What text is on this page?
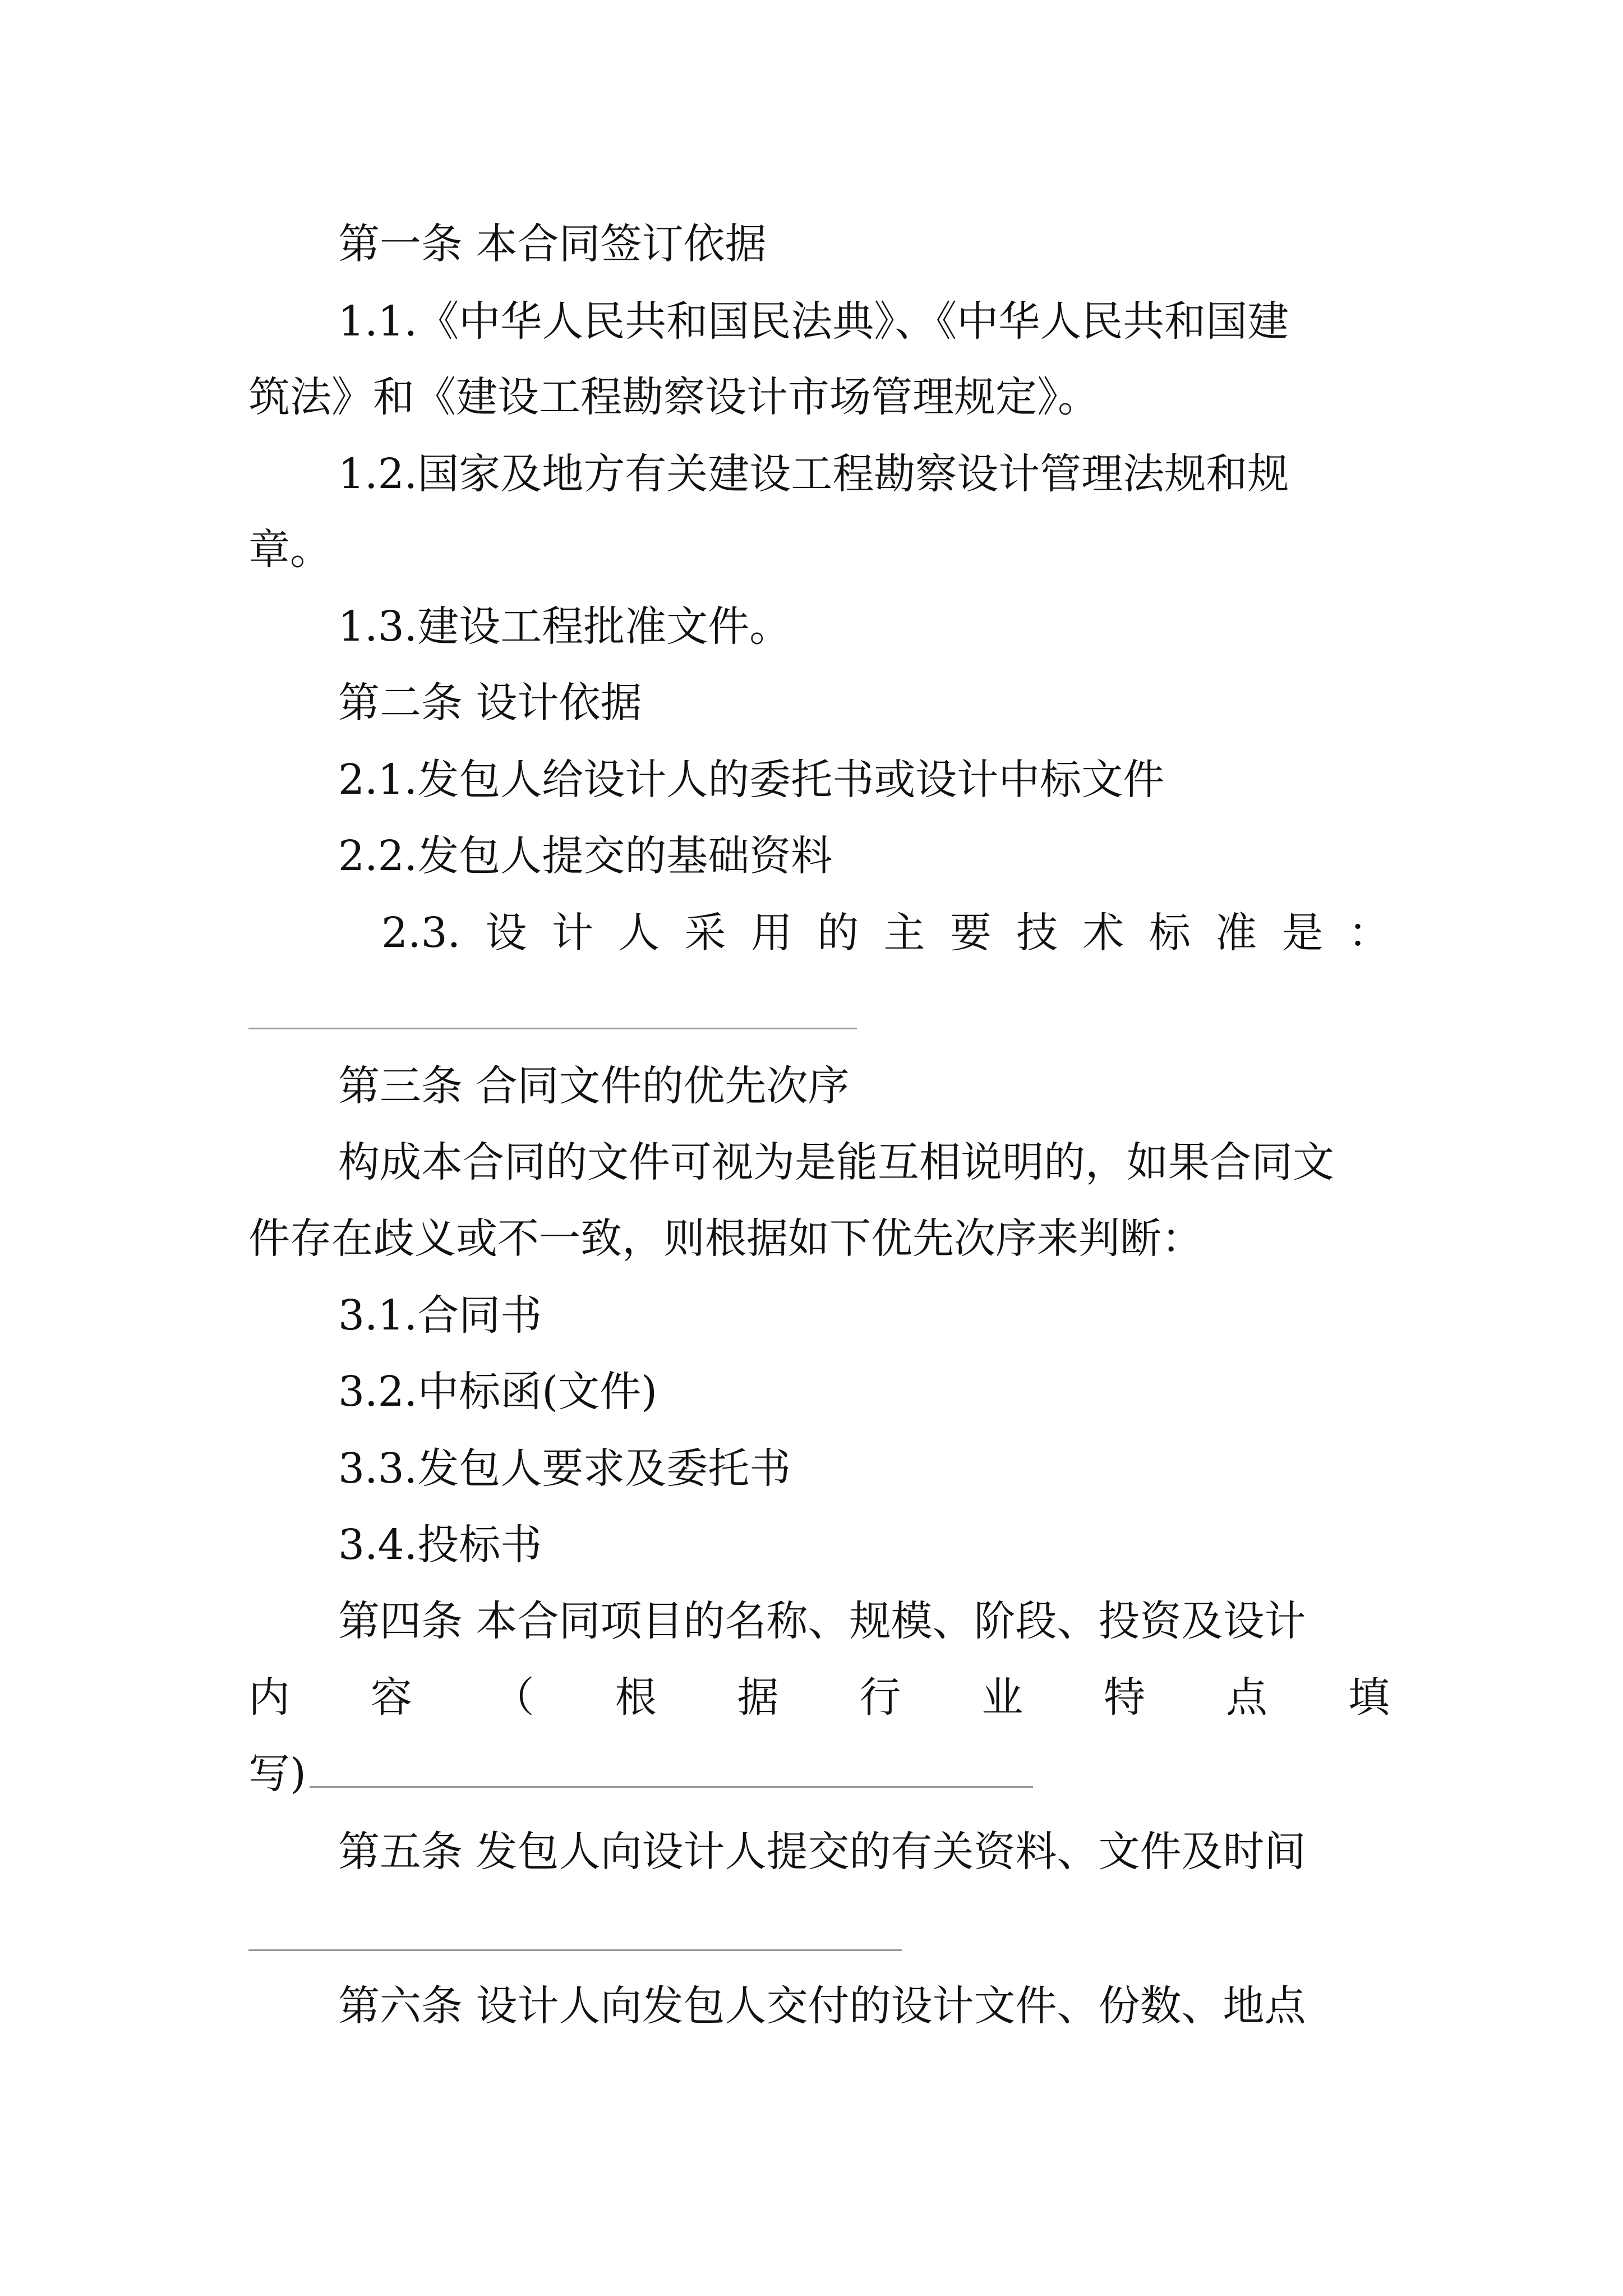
第一条 本合同签订依据
1.1.《中华人民共和国民法典》、《中华人民共和国建
筑法》和《建设工程勘察设计市场管理规定》。
1.2.国家及地方有关建设工程勘察设计管理法规和规
章。
1.3.建设工程批准文件。
第二条 设计依据
2.1.发包人给设计人的委托书或设计中标文件
2.2.发包人提交的基础资料
2.3. 设 计 人 采 用 的 主 要 技 术 标 准 是 ：
第三条 合同文件的优先次序
构成本合同的文件可视为是能互相说明的，如果合同文
件存在歧义或不一致，则根据如下优先次序来判断：
3.1.合同书
3.2.中标函(文件)
3.3.发包人要求及委托书
3.4.投标书
第四条 本合同项目的名称、规模、阶段、投资及设计
内 容 （ 根 据 行 业 特 点 填
写)
第五条 发包人向设计人提交的有关资料、文件及时间
第六条 设计人向发包人交付的设计文件、份数、地点
